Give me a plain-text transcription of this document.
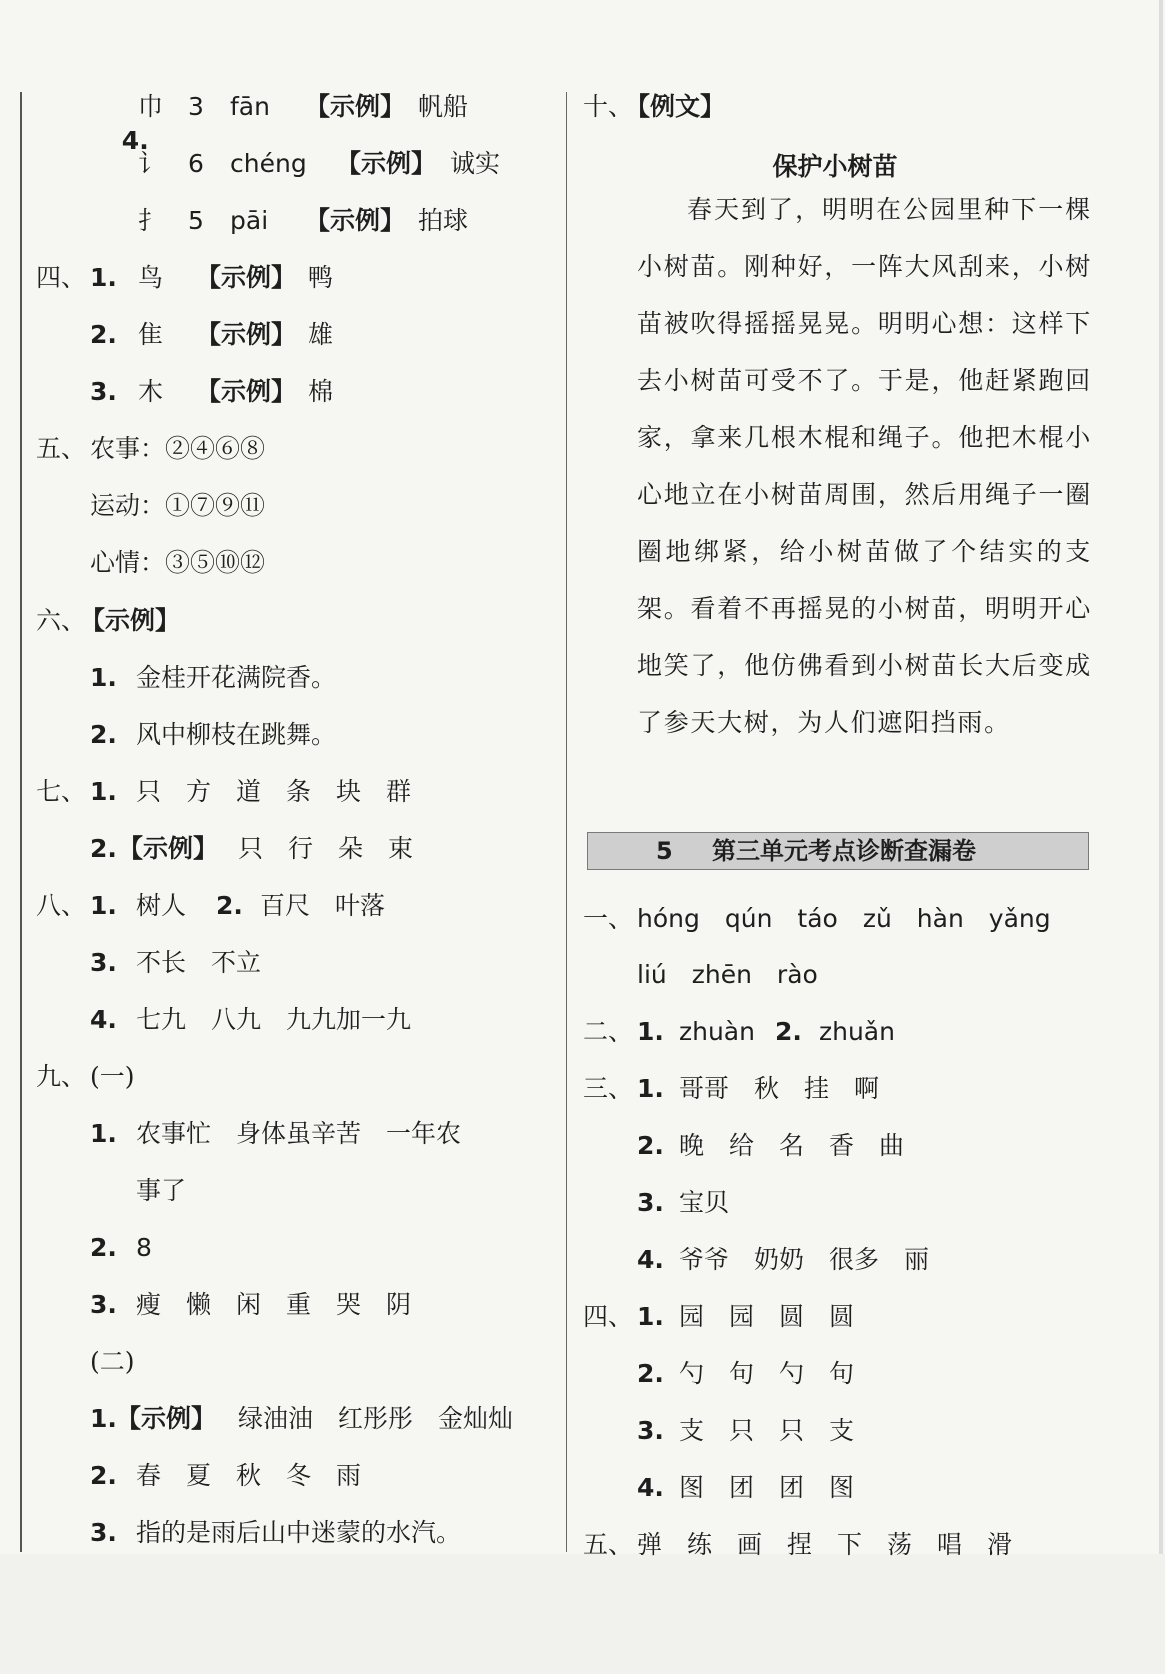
4.

巾 3 fān 【示例】 帆船
讠 6 chéng 【示例】 诚实
扌 5 pāi 【示例】 拍球
四、 1. 鸟 【示例】 鸭
2. 隹 【示例】 雄
3. 木 【示例】 棉
五、 农事：②④⑥⑧
运动：①⑦⑨⑪
心情：③⑤⑩⑫
六、
【示例】
1. 金桂开花满院香。
2. 风中柳枝在跳舞。
七、 1. 只　方　道　条　块　群
2. 【示例】 只　行　朵　束
八、 1. 树人 2. 百尺　叶落
3. 不长　不立
4. 七九　八九　九九加一九
九、 (一)
1. 农事忙　身体虽辛苦　一年农
事了
2. 8
3. 瘦　懒　闲　重　哭　阴
(二)
1. 【示例】 绿油油　红彤彤　金灿灿
2. 春　夏　秋　冬　雨
3. 指的是雨后山中迷蒙的水汽。
十、
【例文】
保护小树苗

春天到了，明明在公园里种下一棵小树苗。刚种好，一阵大风刮来，小树苗被吹得摇摇晃晃。明明心想：这样下去小树苗可受不了。于是，他赶紧跑回家，拿来几根木棍和绳子。他把木棍小心地立在小树苗周围，然后用绳子一圈圈地绑紧，给小树苗做了个结实的支架。看着不再摇晃的小树苗，明明开心地笑了，他仿佛看到小树苗长大后变成了参天大树，为人们遮阳挡雨。

5 第三单元考点诊断查漏卷
一、 hóng　qún　táo　zǔ　hàn　yǎng
liú　zhēn　rào
二、 1. zhuàn 2. zhuǎn
三、 1. 哥哥　秋　挂　啊
2. 晚　给　名　香　曲
3. 宝贝
4. 爷爷　奶奶　很多　丽
四、 1. 园　园　圆　圆
2. 勺　句　勺　句
3. 支　只　只　支
4. 图　团　团　图
五、 弹　练　画　捏　下　荡　唱　滑
